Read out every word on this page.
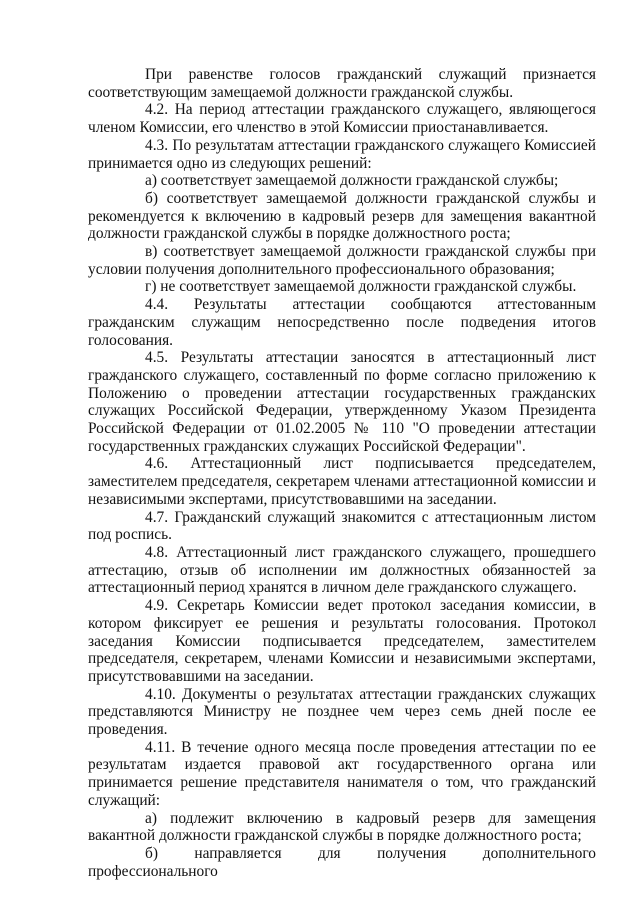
При равенстве голосов гражданский служащий признается соответствующим замещаемой должности гражданской службы.

4.2. На период аттестации гражданского служащего, являющегося членом Комиссии, его членство в этой Комиссии приостанавливается.

4.3. По результатам аттестации гражданского служащего Комиссией принимается одно из следующих решений:

а) соответствует замещаемой должности гражданской службы;

б) соответствует замещаемой должности гражданской службы и рекомендуется к включению в кадровый резерв для замещения вакантной должности гражданской службы в порядке должностного роста;

в) соответствует замещаемой должности гражданской службы при условии получения дополнительного профессионального образования;

г) не соответствует замещаемой должности гражданской службы.

4.4. Результаты аттестации сообщаются аттестованным гражданским служащим непосредственно после подведения итогов голосования.

4.5. Результаты аттестации заносятся в аттестационный лист гражданского служащего, составленный по форме согласно приложению к Положению о проведении аттестации государственных гражданских служащих Российской Федерации, утвержденному Указом Президента Российской Федерации от 01.02.2005 № 110 "О проведении аттестации государственных гражданских служащих Российской Федерации".

4.6. Аттестационный лист подписывается председателем, заместителем председателя, секретарем членами аттестационной комиссии и независимыми экспертами, присутствовавшими на заседании.

4.7. Гражданский служащий знакомится с аттестационным листом под роспись.

4.8. Аттестационный лист гражданского служащего, прошедшего аттестацию, отзыв об исполнении им должностных обязанностей за аттестационный период хранятся в личном деле гражданского служащего.

4.9. Секретарь Комиссии ведет протокол заседания комиссии, в котором фиксирует ее решения и результаты голосования. Протокол заседания Комиссии подписывается председателем, заместителем председателя, секретарем, членами Комиссии и независимыми экспертами, присутствовавшими на заседании.

4.10. Документы о результатах аттестации гражданских служащих представляются Министру не позднее чем через семь дней после ее проведения.

4.11. В течение одного месяца после проведения аттестации по ее результатам издается правовой акт государственного органа или принимается решение представителя нанимателя о том, что гражданский служащий:

а) подлежит включению в кадровый резерв для замещения вакантной должности гражданской службы в порядке должностного роста;

б) направляется для получения дополнительного профессионального
